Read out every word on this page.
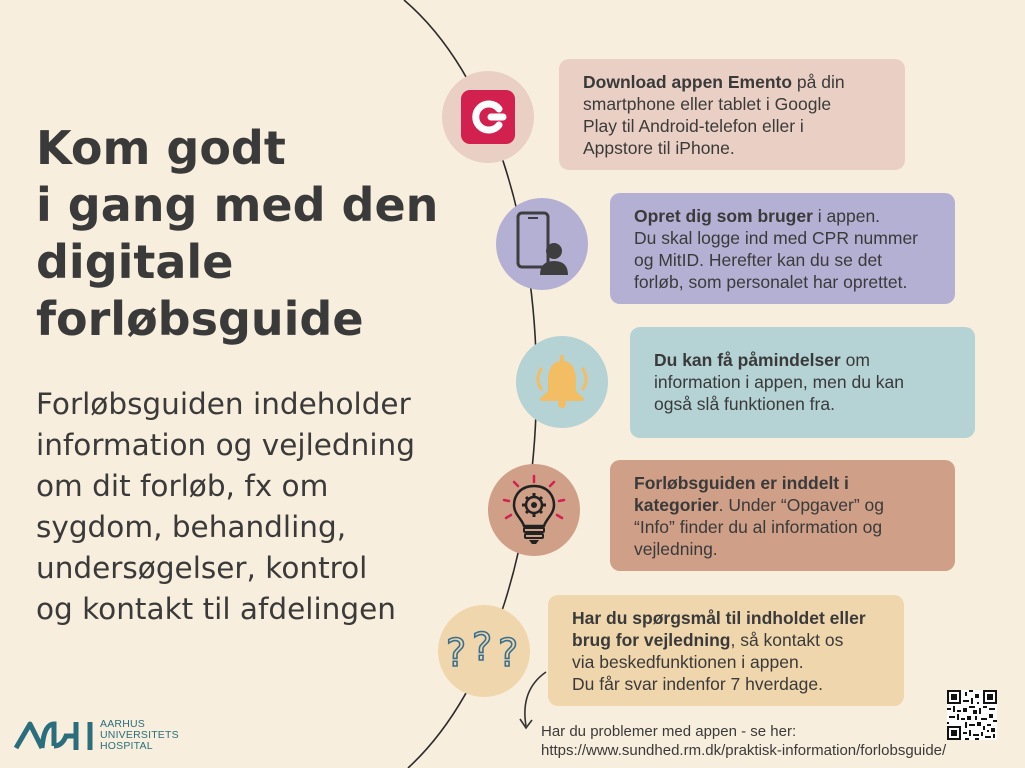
Kom godt
i gang med den
digitale
forløbsguide

Forløbsguiden indeholder
information og vejledning
om dit forløb, fx om
sygdom, behandling,
undersøgelser, kontrol
og kontakt til afdelingen

Download appen Emento på din
smartphone eller tablet i Google
Play til Android-telefon eller i
Appstore til iPhone.
Opret dig som bruger i appen.
Du skal logge ind med CPR nummer
og MitID. Herefter kan du se det
forløb, som personalet har oprettet.
Du kan få påmindelser om
information i appen, men du kan
også slå funktionen fra.
Forløbsguiden er inddelt i
kategorier. Under “Opgaver” og
“Info” finder du al information og
vejledning.
? ? ?
Har du spørgsmål til indholdet eller
brug for vejledning, så kontakt os
via beskedfunktionen i appen.
Du får svar indenfor 7 hverdage.
Har du problemer med appen - se her:
https://www.sundhed.rm.dk/praktisk-information/forlobsguide/
AARHUS
UNIVERSITETS
HOSPITAL
